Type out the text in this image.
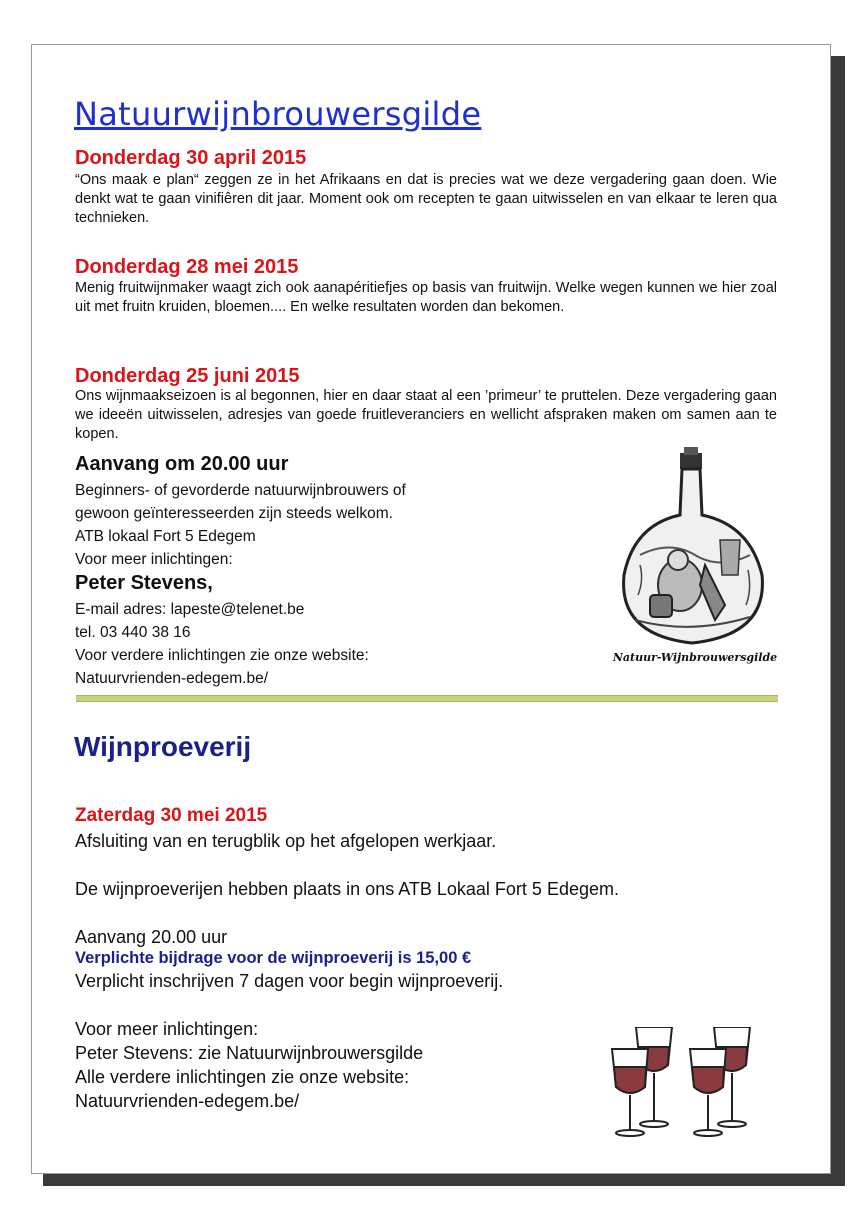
Natuurwijnbrouwersgilde
Donderdag 30 april 2015
“Ons maak e plan“ zeggen ze in het Afrikaans en dat is precies wat we deze vergadering gaan doen. Wie denkt wat te gaan vinifiêren dit jaar. Moment ook om recepten te gaan uitwisselen en van elkaar te leren qua technieken.
Donderdag 28 mei 2015
Menig fruitwijnmaker waagt zich ook aanapéritiefjes op basis van fruitwijn. Welke wegen kunnen we hier zoal uit met fruitn kruiden, bloemen.... En welke resultaten worden dan bekomen.
Donderdag 25 juni 2015
Ons wijnmaakseizoen is al begonnen, hier en daar staat al een ’primeur’ te pruttelen. Deze vergadering gaan we ideeën uitwisselen, adresjes van goede fruitleveranciers en wellicht afspraken maken om samen aan te kopen.
Aanvang om 20.00 uur
Beginners- of gevorderde natuurwijnbrouwers of
gewoon geïnteresseerden zijn steeds welkom.
ATB lokaal Fort 5 Edegem
Voor meer inlichtingen:
Peter Stevens,
E-mail adres: lapeste@telenet.be
tel. 03 440 38 16
Voor verdere inlichtingen zie onze website:
Natuurvrienden-edegem.be/
Natuur-Wijnbrouwersgilde
Wijnproeverij
Zaterdag 30 mei 2015
Afsluiting van en terugblik op het afgelopen werkjaar.
De wijnproeverijen hebben plaats in ons ATB Lokaal Fort 5 Edegem.
Aanvang 20.00 uur
Verplichte bijdrage voor de wijnproeverij is 15,00 €
Verplicht inschrijven 7 dagen voor begin wijnproeverij.
Voor meer inlichtingen:
Peter Stevens: zie Natuurwijnbrouwersgilde
Alle verdere inlichtingen zie onze website:
Natuurvrienden-edegem.be/
